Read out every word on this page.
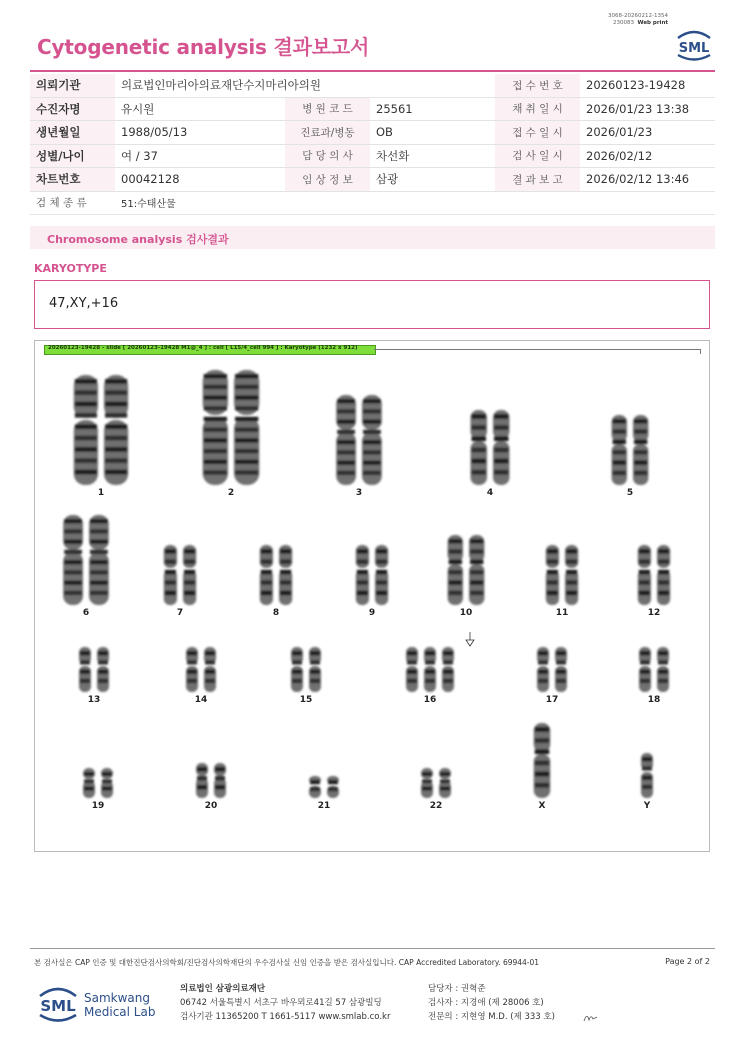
3068-20260212-1354
230083 Web print
SML
Cytogenetic analysis 결과보고서
의뢰기관	의료법인마리아의료재단수지마리아의원			접 수 번 호	20260123-19428
수진자명	유시원	병 원 코 드	25561	채 취 일 시	2026/01/23 13:38
생년월일	1988/05/13	진료과/병동	OB	접 수 일 시	2026/01/23
성별/나이	여 / 37	담 당 의 사	차선화	검 사 일 시	2026/02/12
차트번호	00042128	임 상 정 보	삼광	결 과 보 고	2026/02/12 13:46
검 체 종 류	51:수태산물				
Chromosome analysis 검사결과
KARYOTYPE
47,XY,+16
20260123-19428 - slide [ 20260123-19428 M1@_4 ] : cell [ L15/4_cell 994 ] : Karyotype (1232 x 912)
1	2	3	4	5
6	7	8	9	10	11	12
13	14	15	16	17	18
19	20	21	22	X	Y
본 검사실은 CAP 인증 및 대한진단검사의학회/진단검사의학재단의 우수검사실 신임 인증을 받은 검사실입니다. CAP Accredited Laboratory. 69944-01	Page 2 of 2
SML Samkwang
Medical Lab
의료법인 삼광의료재단
06742 서울특별시 서초구 바우뫼로41길 57 삼광빌딩
검사기관 11365200 T 1661-5117 www.smlab.co.kr
담당자 : 권혁준
검사자 : 지경애 (제 28006 호)
전문의 : 지현영 M.D. (제 333 호)
